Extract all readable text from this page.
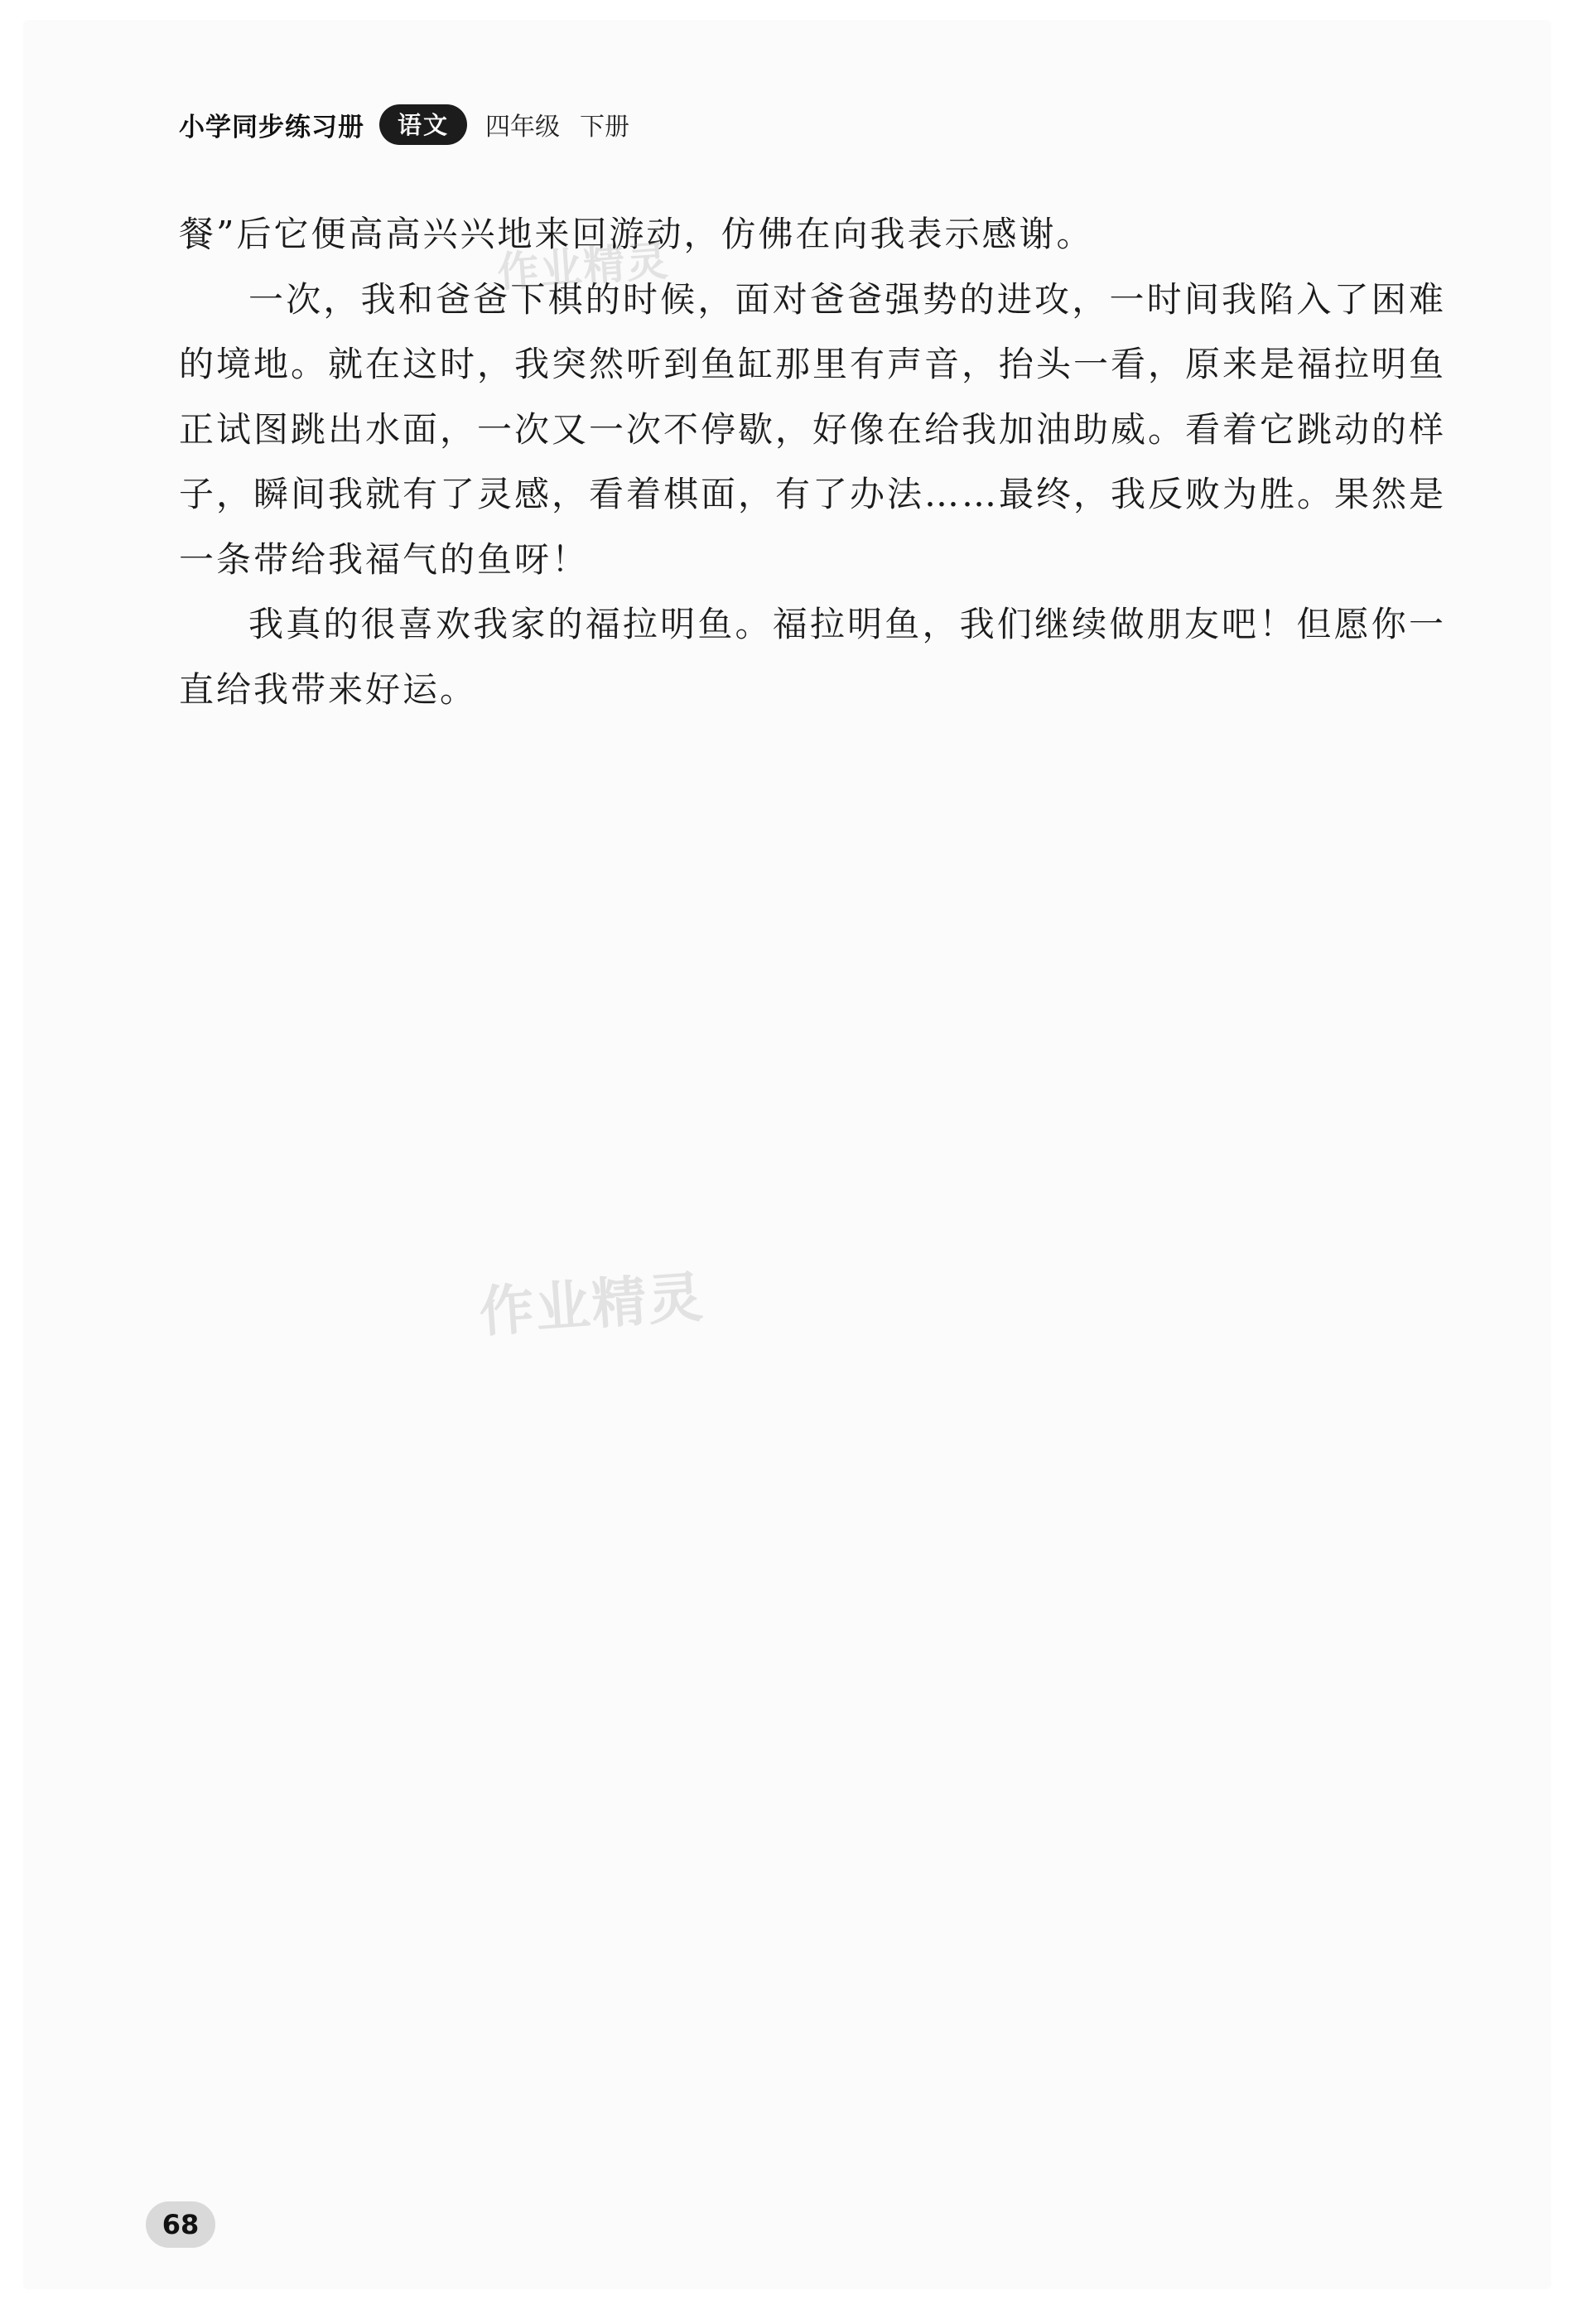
小学同步练习册	语文	四年级 下册

餐”后它便高高兴兴地来回游动，仿佛在向我表示感谢。

一次，我和爸爸下棋的时候，面对爸爸强势的进攻，一时间我陷入了困难的境地。就在这时，我突然听到鱼缸那里有声音，抬头一看，原来是福拉明鱼正试图跳出水面，一次又一次不停歇，好像在给我加油助威。看着它跳动的样子，瞬间我就有了灵感，看着棋面，有了办法……最终，我反败为胜。果然是一条带给我福气的鱼呀！

我真的很喜欢我家的福拉明鱼。福拉明鱼，我们继续做朋友吧！但愿你一直给我带来好运。

作业精灵
作业精灵
68
